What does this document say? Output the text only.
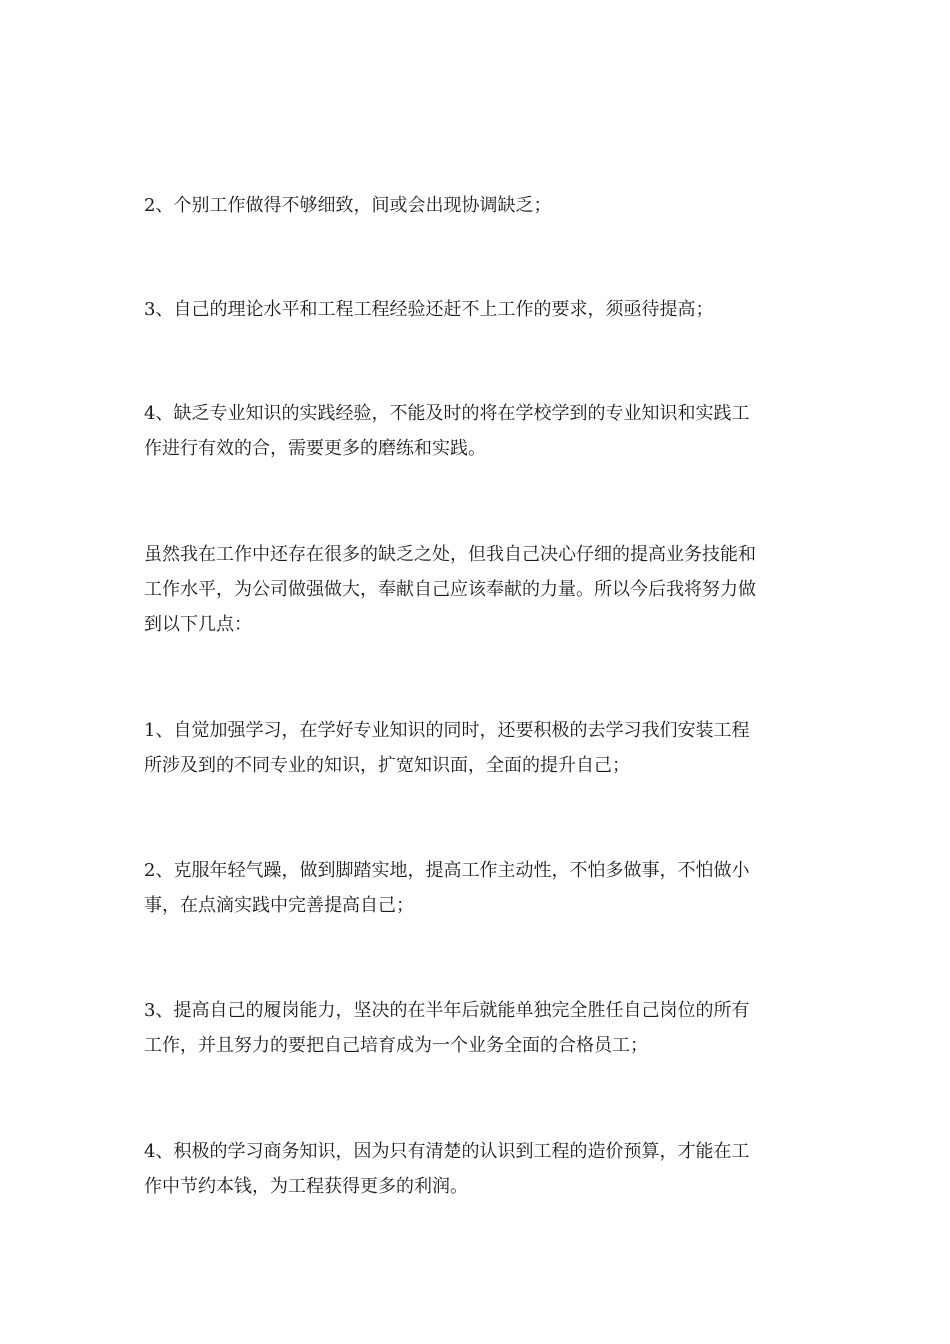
2、个别工作做得不够细致，间或会出现协调缺乏；

3、自己的理论水平和工程工程经验还赶不上工作的要求，须亟待提高；

4、缺乏专业知识的实践经验，不能及时的将在学校学到的专业知识和实践工
作进行有效的合，需要更多的磨练和实践。

虽然我在工作中还存在很多的缺乏之处，但我自己决心仔细的提高业务技能和
工作水平，为公司做强做大，奉献自己应该奉献的力量。所以今后我将努力做
到以下几点：

1、自觉加强学习，在学好专业知识的同时，还要积极的去学习我们安装工程
所涉及到的不同专业的知识，扩宽知识面，全面的提升自己；

2、克服年轻气躁，做到脚踏实地，提高工作主动性，不怕多做事，不怕做小
事，在点滴实践中完善提高自己；

3、提高自己的履岗能力，坚决的在半年后就能单独完全胜任自己岗位的所有
工作，并且努力的要把自己培育成为一个业务全面的合格员工；

4、积极的学习商务知识，因为只有清楚的认识到工程的造价预算，才能在工
作中节约本钱，为工程获得更多的利润。
